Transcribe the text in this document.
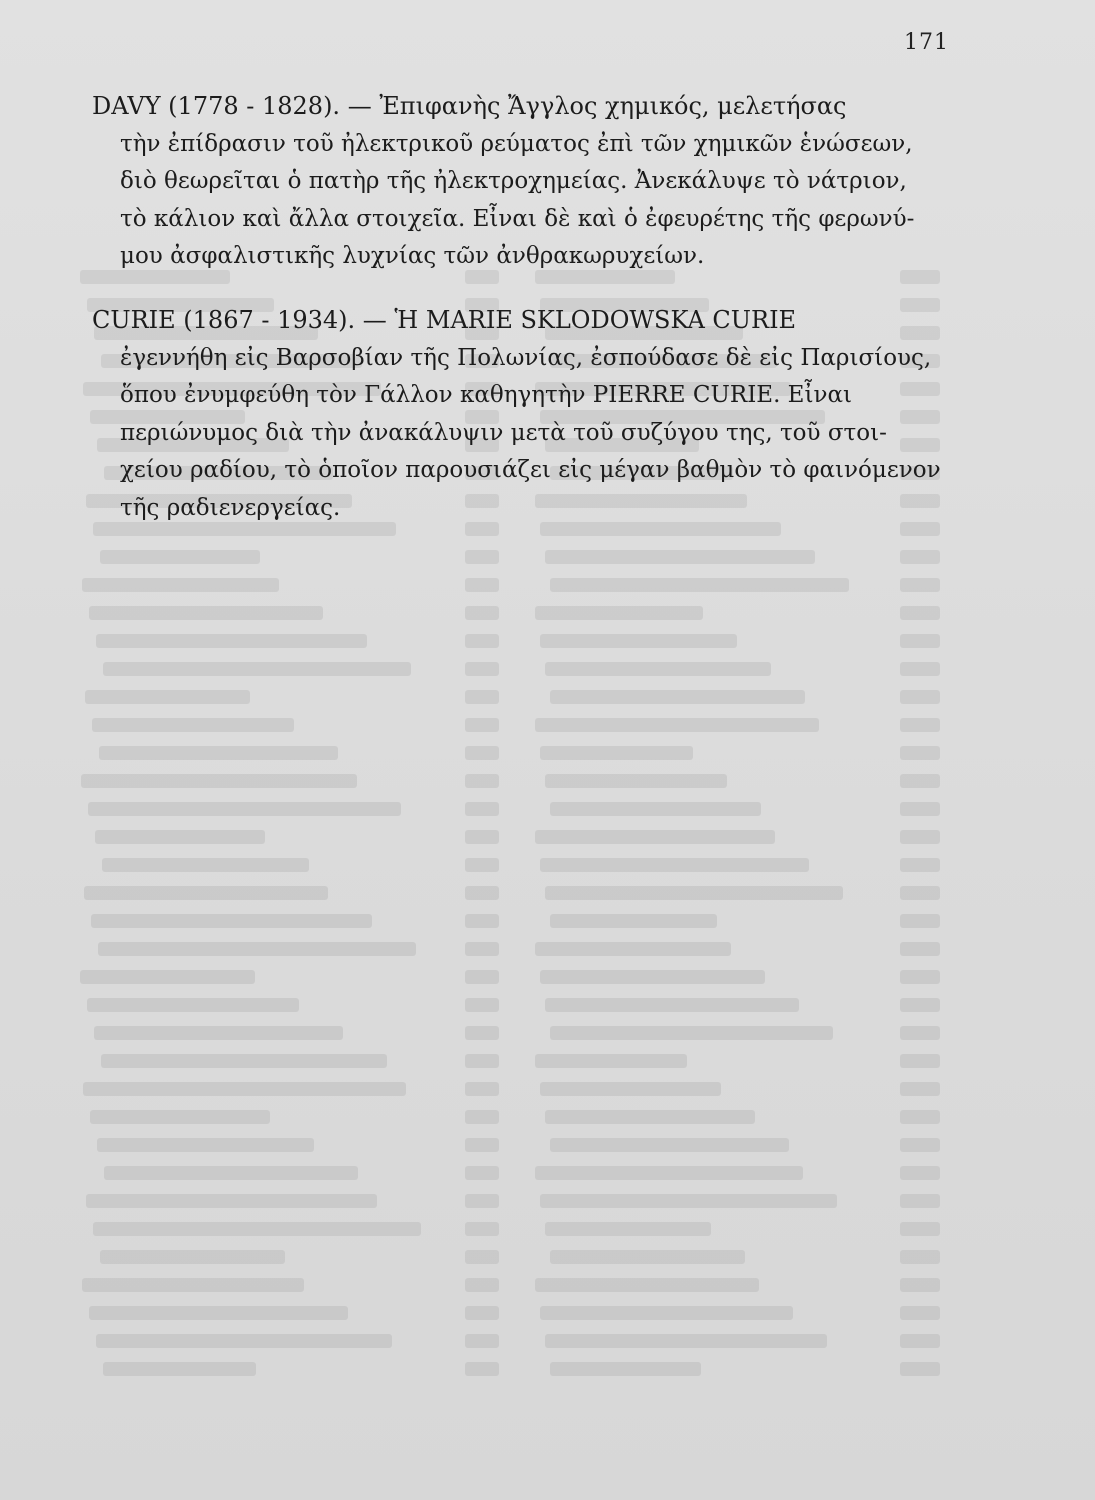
171
DAVY (1778 - 1828). — Ἐπιφανὴς Ἄγγλος χημικός, μελετήσας
τὴν ἐπίδρασιν τοῦ ἠλεκτρικοῦ ρεύματος ἐπὶ τῶν χημικῶν ἑνώσεων,
διὸ θεωρεῖται ὁ πατὴρ τῆς ἠλεκτροχημείας. Ἀνεκάλυψε τὸ νάτριον,
τὸ κάλιον καὶ ἄλλα στοιχεῖα. Εἶναι δὲ καὶ ὁ ἐφευρέτης τῆς φερωνύ-
μου ἀσφαλιστικῆς λυχνίας τῶν ἀνθρακωρυχείων.
CURIE (1867 - 1934). — Ἡ MARIE SKLODOWSKA CURIE
ἐγεννήθη εἰς Βαρσοβίαν τῆς Πολωνίας, ἐσπούδασε δὲ εἰς Παρισίους,
ὅπου ἐνυμφεύθη τὸν Γάλλον καθηγητὴν PIERRE CURIE. Εἶναι
περιώνυμος διὰ τὴν ἀνακάλυψιν μετὰ τοῦ συζύγου της, τοῦ στοι-
χείου ραδίου, τὸ ὁποῖον παρουσιάζει εἰς μέγαν βαθμὸν τὸ φαινόμενον
τῆς ραδιενεργείας.
